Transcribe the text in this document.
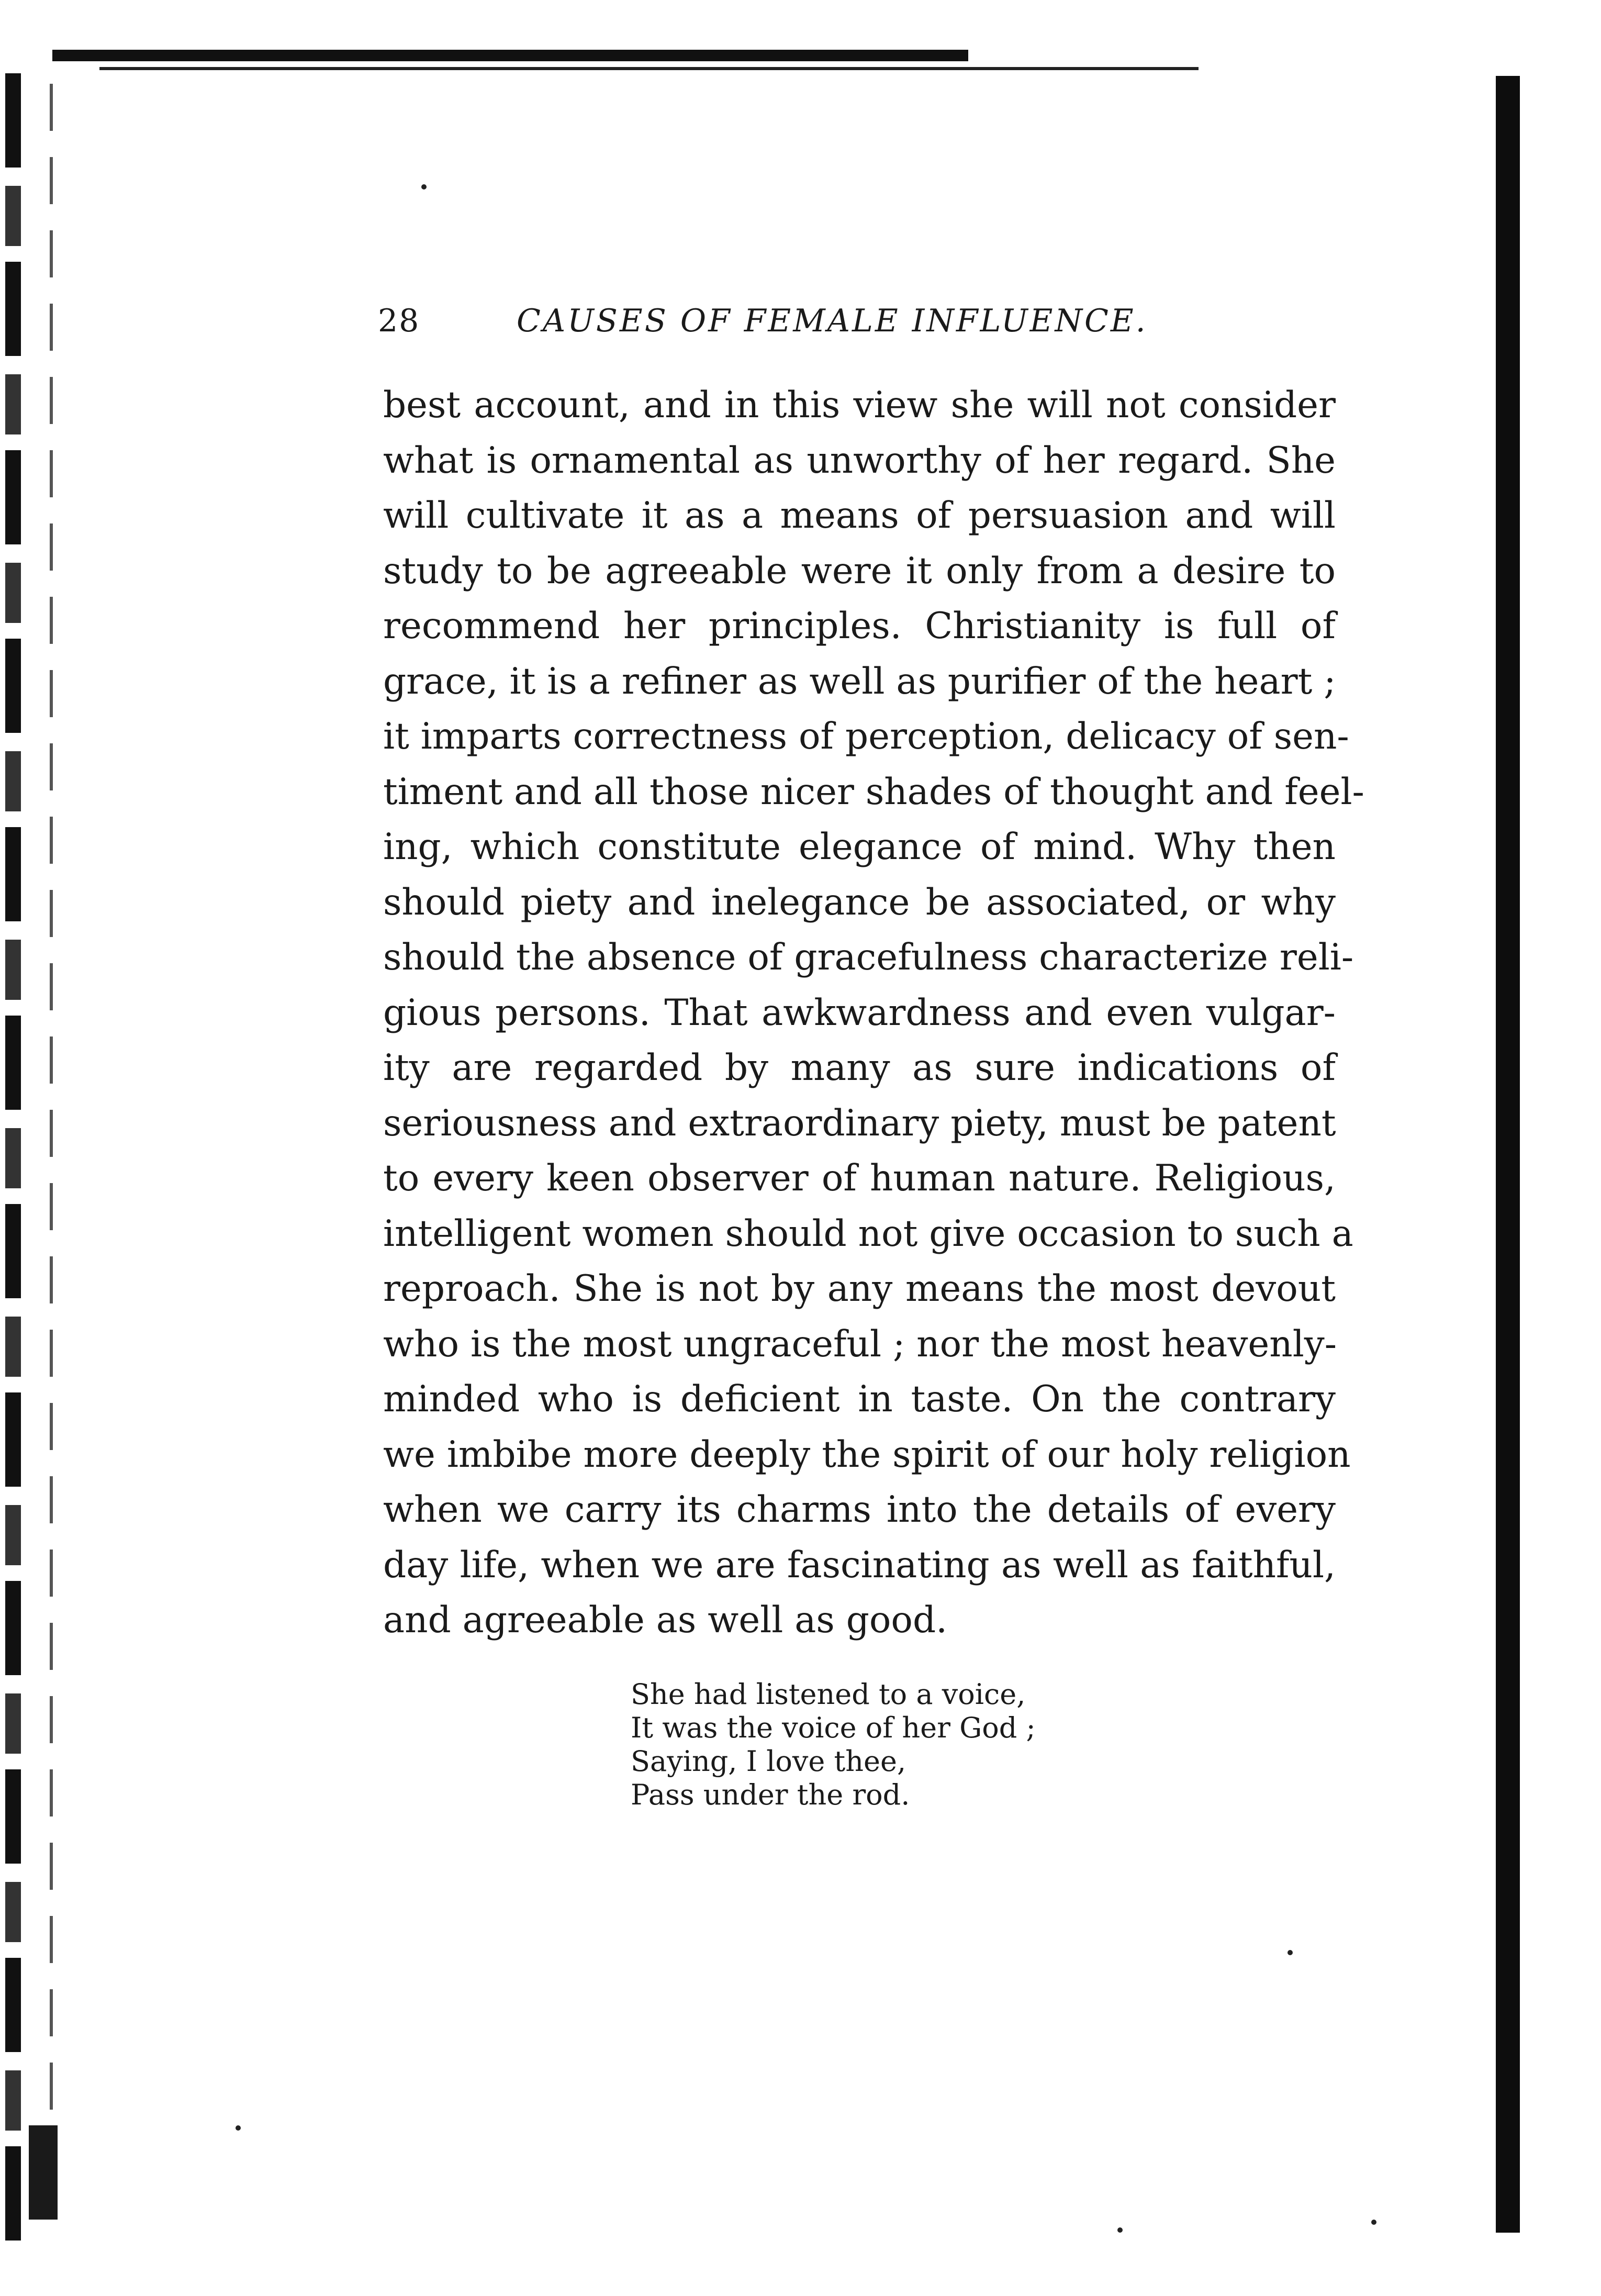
28	CAUSES OF FEMALE INFLUENCE.
best account, and in this view she will not consider
what is ornamental as unworthy of her regard. She
will cultivate it as a means of persuasion and will
study to be agreeable were it only from a desire to
recommend her principles. Christianity is full of
grace, it is a refiner as well as purifier of the heart ;
it imparts correctness of perception, delicacy of sen-
timent and all those nicer shades of thought and feel-
ing, which constitute elegance of mind. Why then
should piety and inelegance be associated, or why
should the absence of gracefulness characterize reli-
gious persons. That awkwardness and even vulgar-
ity are regarded by many as sure indications of
seriousness and extraordinary piety, must be patent
to every keen observer of human nature. Religious,
intelligent women should not give occasion to such a
reproach. She is not by any means the most devout
who is the most ungraceful ; nor the most heavenly-
minded who is deficient in taste. On the contrary
we imbibe more deeply the spirit of our holy religion
when we carry its charms into the details of every
day life, when we are fascinating as well as faithful,
and agreeable as well as good.
She had listened to a voice,
It was the voice of her God ;
Saying, I love thee,
Pass under the rod.
